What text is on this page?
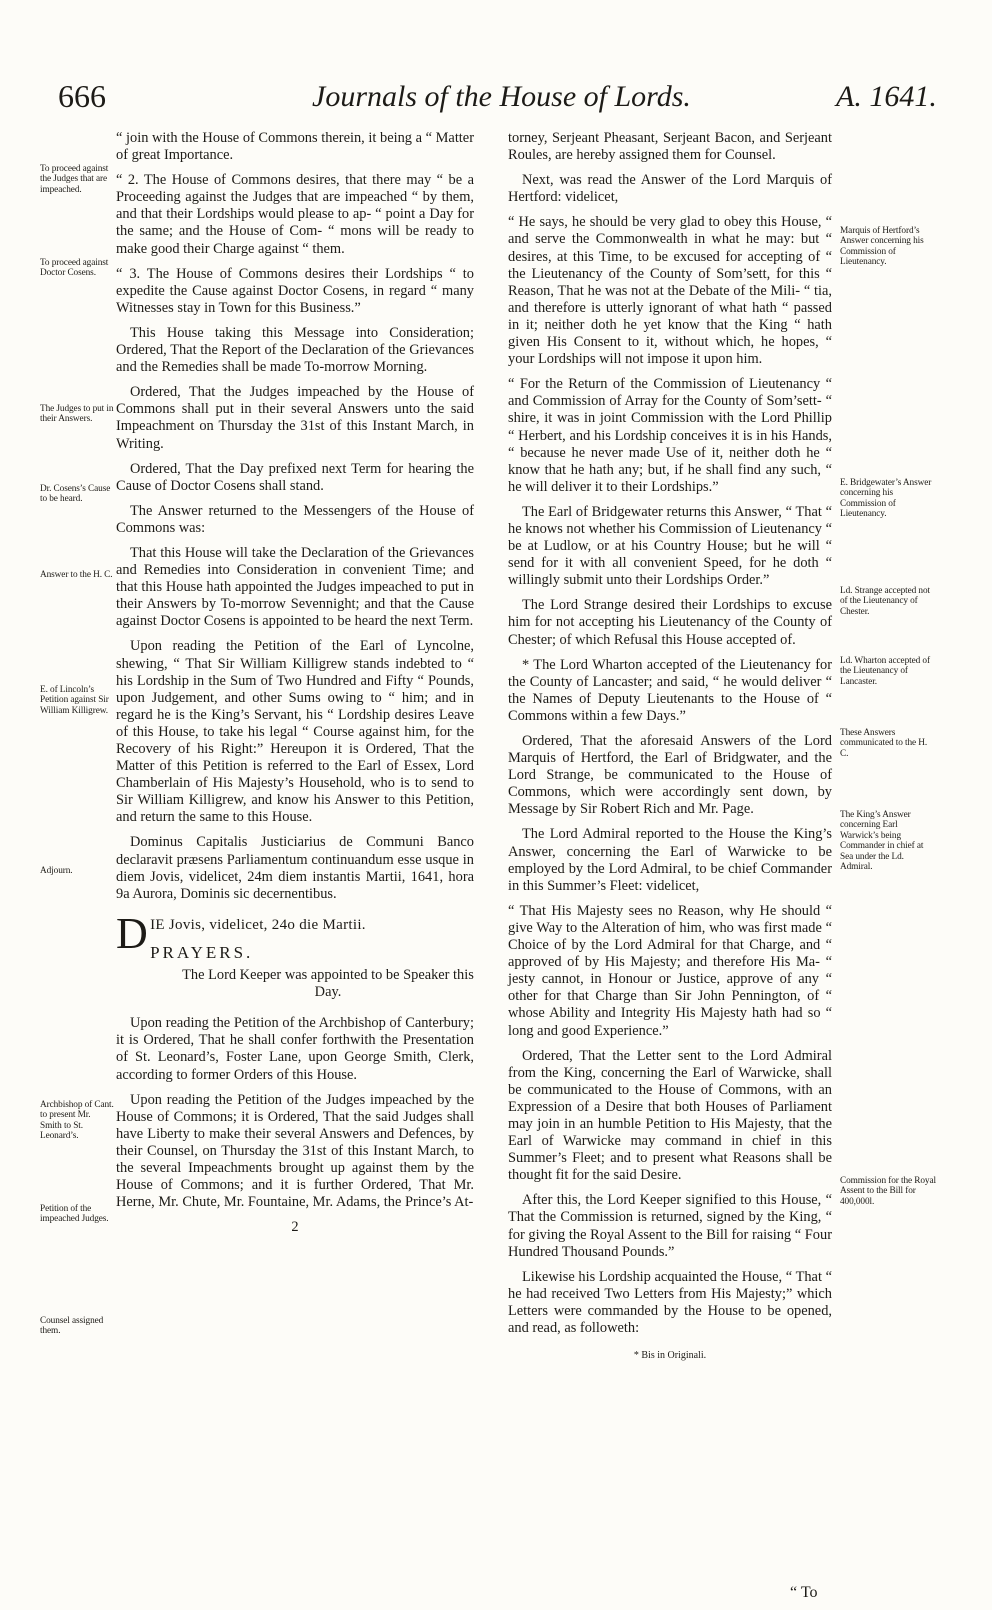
666	Journals of the House of Lords.	A. 1641.
To proceed against the Judges that are impeached.
To proceed against Doctor Cosens.
The Judges to put in their Answers.
Dr. Cosens’s Cause to be heard.
Answer to the H. C.
E. of Lincoln’s Petition against Sir William Killigrew.
Adjourn.
Archbishop of Cant. to present Mr. Smith to St. Leonard’s.
Petition of the impeached Judges.
Counsel assigned them.
Marquis of Hertford’s Answer concerning his Commission of Lieutenancy.
E. Bridgewater’s Answer concerning his Commission of Lieutenancy.
Ld. Strange accepted not of the Lieutenancy of Chester.
Ld. Wharton accepted of the Lieutenancy of Lancaster.
These Answers communicated to the H. C.
The King’s Answer concerning Earl Warwick’s being Commander in chief at Sea under the Ld. Admiral.
Commission for the Royal Assent to the Bill for 400,000l.

“ join with the House of Commons therein, it being a “ Matter of great Importance.

“ 2. The House of Commons desires, that there may “ be a Proceeding against the Judges that are impeached “ by them, and that their Lordships would please to ap- “ point a Day for the same; and the House of Com- “ mons will be ready to make good their Charge against “ them.

“ 3. The House of Commons desires their Lordships “ to expedite the Cause against Doctor Cosens, in regard “ many Witnesses stay in Town for this Business.”

This House taking this Message into Consideration; Ordered, That the Report of the Declaration of the Grievances and the Remedies shall be made To-morrow Morning.

Ordered, That the Judges impeached by the House of Commons shall put in their several Answers unto the said Impeachment on Thursday the 31st of this Instant March, in Writing.

Ordered, That the Day prefixed next Term for hearing the Cause of Doctor Cosens shall stand.

The Answer returned to the Messengers of the House of Commons was:

That this House will take the Declaration of the Grievances and Remedies into Consideration in convenient Time; and that this House hath appointed the Judges impeached to put in their Answers by To-morrow Sevennight; and that the Cause against Doctor Cosens is appointed to be heard the next Term.

Upon reading the Petition of the Earl of Lyncolne, shewing, “ That Sir William Killigrew stands indebted to “ his Lordship in the Sum of Two Hundred and Fifty “ Pounds, upon Judgement, and other Sums owing to “ him; and in regard he is the King’s Servant, his “ Lordship desires Leave of this House, to take his legal “ Course against him, for the Recovery of his Right:” Hereupon it is Ordered, That the Matter of this Petition is referred to the Earl of Essex, Lord Chamberlain of His Majesty’s Household, who is to send to Sir William Killigrew, and know his Answer to this Petition, and return the same to this House.

Dominus Capitalis Justiciarius de Communi Banco declaravit præsens Parliamentum continuandum esse usque in diem Jovis, videlicet, 24m diem instantis Martii, 1641, hora 9a Aurora, Dominis sic decernentibus.

DIE Jovis, videlicet, 24o die Martii.

PRAYERS.

The Lord Keeper was appointed to be Speaker this Day.

Upon reading the Petition of the Archbishop of Canterbury; it is Ordered, That he shall confer forthwith the Presentation of St. Leonard’s, Foster Lane, upon George Smith, Clerk, according to former Orders of this House.

Upon reading the Petition of the Judges impeached by the House of Commons; it is Ordered, That the said Judges shall have Liberty to make their several Answers and Defences, by their Counsel, on Thursday the 31st of this Instant March, to the several Impeachments brought up against them by the House of Commons; and it is further Ordered, That Mr. Herne, Mr. Chute, Mr. Fountaine, Mr. Adams, the Prince’s At-

2

torney, Serjeant Pheasant, Serjeant Bacon, and Serjeant Roules, are hereby assigned them for Counsel.

Next, was read the Answer of the Lord Marquis of Hertford: videlicet,

“ He says, he should be very glad to obey this House, “ and serve the Commonwealth in what he may: but “ desires, at this Time, to be excused for accepting of “ the Lieutenancy of the County of Som’sett, for this “ Reason, That he was not at the Debate of the Mili- “ tia, and therefore is utterly ignorant of what hath “ passed in it; neither doth he yet know that the King “ hath given His Consent to it, without which, he hopes, “ your Lordships will not impose it upon him.

“ For the Return of the Commission of Lieutenancy “ and Commission of Array for the County of Som’sett- “ shire, it was in joint Commission with the Lord Phillip “ Herbert, and his Lordship conceives it is in his Hands, “ because he never made Use of it, neither doth he “ know that he hath any; but, if he shall find any such, “ he will deliver it to their Lordships.”

The Earl of Bridgewater returns this Answer, “ That “ he knows not whether his Commission of Lieutenancy “ be at Ludlow, or at his Country House; but he will “ send for it with all convenient Speed, for he doth “ willingly submit unto their Lordships Order.”

The Lord Strange desired their Lordships to excuse him for not accepting his Lieutenancy of the County of Chester; of which Refusal this House accepted of.

* The Lord Wharton accepted of the Lieutenancy for the County of Lancaster; and said, “ he would deliver “ the Names of Deputy Lieutenants to the House of “ Commons within a few Days.”

Ordered, That the aforesaid Answers of the Lord Marquis of Hertford, the Earl of Bridgwater, and the Lord Strange, be communicated to the House of Commons, which were accordingly sent down, by Message by Sir Robert Rich and Mr. Page.

The Lord Admiral reported to the House the King’s Answer, concerning the Earl of Warwicke to be employed by the Lord Admiral, to be chief Commander in this Summer’s Fleet: videlicet,

“ That His Majesty sees no Reason, why He should “ give Way to the Alteration of him, who was first made “ Choice of by the Lord Admiral for that Charge, and “ approved of by His Majesty; and therefore His Ma- “ jesty cannot, in Honour or Justice, approve of any “ other for that Charge than Sir John Pennington, of “ whose Ability and Integrity His Majesty hath had so “ long and good Experience.”

Ordered, That the Letter sent to the Lord Admiral from the King, concerning the Earl of Warwicke, shall be communicated to the House of Commons, with an Expression of a Desire that both Houses of Parliament may join in an humble Petition to His Majesty, that the Earl of Warwicke may command in chief in this Summer’s Fleet; and to present what Reasons shall be thought fit for the said Desire.

After this, the Lord Keeper signified to this House, “ That the Commission is returned, signed by the King, “ for giving the Royal Assent to the Bill for raising “ Four Hundred Thousand Pounds.”

Likewise his Lordship acquainted the House, “ That “ he had received Two Letters from His Majesty;” which Letters were commanded by the House to be opened, and read, as followeth:

* Bis in Originali.

“ To
